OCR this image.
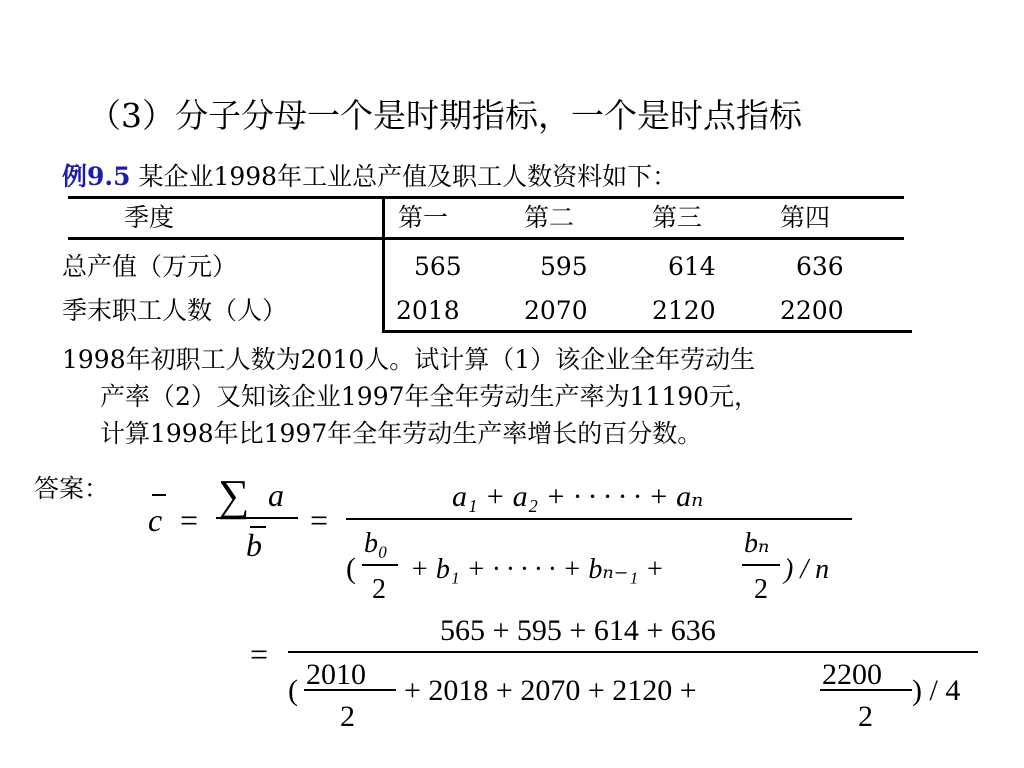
（3）分子分母一个是时期指标，一个是时点指标
例9.5 某企业1998年工业总产值及职工人数资料如下：
季度	第一	第二	第三	第四
总产值（万元）	565	595	614	636
季末职工人数（人）	2018	2070	2120	2200
1998年初职工人数为2010人。试计算（1）该企业全年劳动生
产率（2）又知该企业1997年全年劳动生产率为11190元，
计算1998年比1997年全年劳动生产率增长的百分数。
答案：
c = ∑ a
b
=
a₁ + a₂ + · · · · · + aₙ
(
b₀
2
+ b₁ + · · · · · + bₙ₋₁ +
bₙ
2
) / n
=
565 + 595 + 614 + 636
( 2010
2
+ 2018 + 2070 + 2120 +	2200
2
) / 4
